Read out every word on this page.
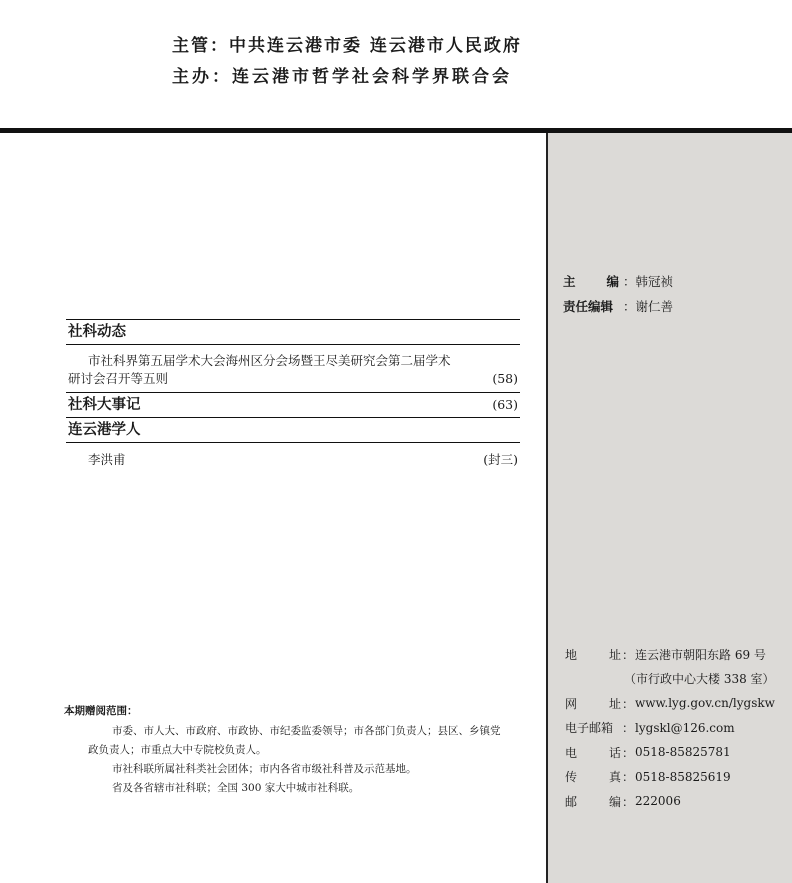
主管：中共连云港市委 连云港市人民政府
主办：连云港市哲学社会科学界联合会
主 编 ： 韩冠祯
责任编辑 ： 谢仁善
社科动态
市社科界第五届学术大会海州区分会场暨王尽美研究会第二届学术
研讨会召开等五则	(58)
社科大事记	(63)
连云港学人
李洪甫	(封三)
本期赠阅范围：

市委、市人大、市政府、市政协、市纪委监委领导；市各部门负责人；县区、乡镇党

政负责人；市重点大中专院校负责人。

市社科联所属社科类社会团体；市内各省市级社科普及示范基地。

省及各省辖市社科联；全国 300 家大中城市社科联。

地	址 ： 连云港市朝阳东路 69 号
（市行政中心大楼 338 室）
网	址 ： www.lyg.gov.cn/lygskw
电子邮箱 ： lygskl@126.com
电	话 ： 0518-85825781
传	真 ： 0518-85825619
邮	编 ： 222006
